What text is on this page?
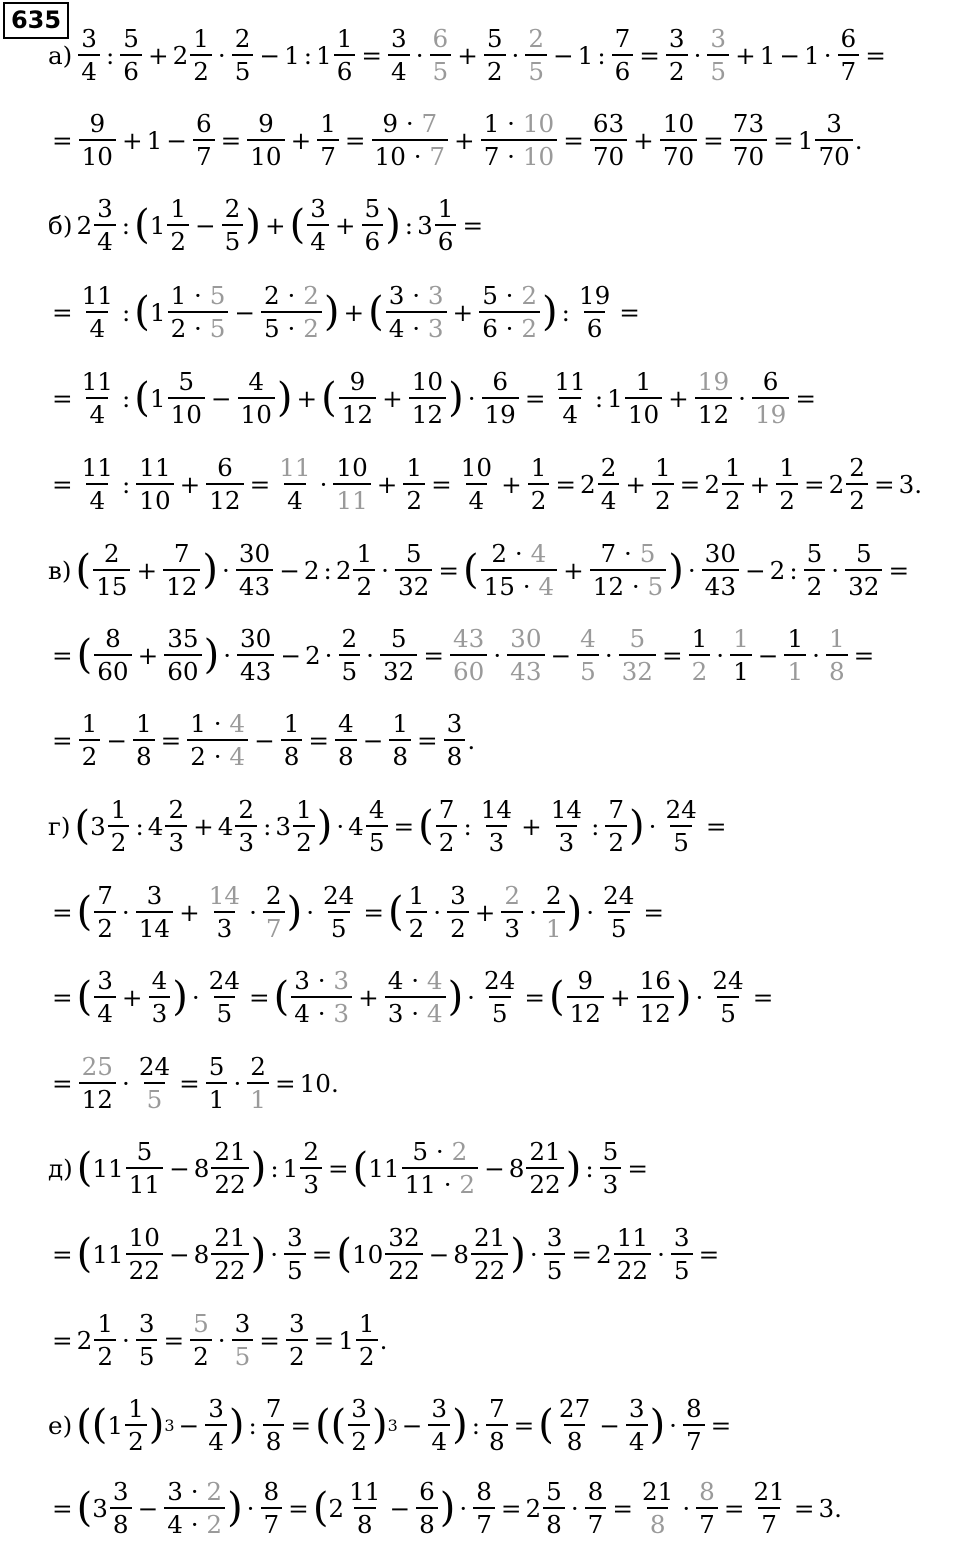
635
$а) \frac{3}{4}$ : $\frac{5}{6} + 2 \frac{1}{2} \cdot \frac{2}{5} - 1$ : $1 \frac{1}{6} = \frac{3}{4} \cdot \frac{6}{5} + \frac{5}{2} \cdot \frac{2}{5} - 1$ : $\frac{7}{6} = \frac{3}{2} \cdot \frac{3}{5} + 1 - 1 \cdot \frac{6}{7}$ =
= $\frac{9}{10} + 1 - \frac{6}{7} = \frac{9}{10} + \frac{1}{7} = \frac{9 \cdot 7}{10 \cdot 7} + \frac{1 \cdot 10}{7 \cdot 10} = \frac{63}{70} + \frac{10}{70} = \frac{73}{70} = 1 \frac{3}{70}$ .
б) $2 \frac{3}{4}$ : ( $1 \frac{1}{2} - \frac{2}{5}$ ) + ( $\frac{3}{4} + \frac{5}{6}$ ) : $3 \frac{1}{6}$ =
= $\frac{11}{4}$ : ( $1 \frac{1 \cdot 5}{2 \cdot 5} - \frac{2 \cdot 2}{5 \cdot 2}$ ) + ( $\frac{3 \cdot 3}{4 \cdot 3} + \frac{5 \cdot 2}{6 \cdot 2}$ ) : $\frac{19}{6}$ =
= $\frac{11}{4}$ : ( $1 \frac{5}{10} - \frac{4}{10}$ ) + ( $\frac{9}{12} + \frac{10}{12}$ ) · $\frac{6}{19} = \frac{11}{4}$ : $1 \frac{1}{10} + \frac{19}{12} \cdot \frac{6}{19}$ =
= $\frac{11}{4}$ : $\frac{11}{10} + \frac{6}{12} = \frac{11}{4} \cdot \frac{10}{11} + \frac{1}{2} = \frac{10}{4} + \frac{1}{2} = 2 \frac{2}{4} + \frac{1}{2} = 2 \frac{1}{2} + \frac{1}{2} = 2 \frac{2}{2} = 3$.
в) ( $\frac{2}{15} + \frac{7}{12}$ ) · $\frac{30}{43} - 2$ : $2 \frac{1}{2} \cdot \frac{5}{32}$ = ( $\frac{2 \cdot 4}{15 \cdot 4} + \frac{7 \cdot 5}{12 \cdot 5}$ ) · $\frac{30}{43} - 2$ : $\frac{5}{2} \cdot \frac{5}{32}$ =
= ( $\frac{8}{60} + \frac{35}{60}$ ) · $\frac{30}{43} - 2 \cdot \frac{2}{5} \cdot \frac{5}{32} = \frac{43}{60} \cdot \frac{30}{43} - \frac{4}{5} \cdot \frac{5}{32} = \frac{1}{2} \cdot \frac{1}{1} - \frac{1}{1} \cdot \frac{1}{8}$ =
= $\frac{1}{2} - \frac{1}{8} = \frac{1 \cdot 4}{2 \cdot 4} - \frac{1}{8} = \frac{4}{8} - \frac{1}{8} = \frac{3}{8}$ .
г) ( $3 \frac{1}{2}$ : $4 \frac{2}{3} + 4 \frac{2}{3}$ : $3 \frac{1}{2}$ ) · $4 \frac{4}{5}$ = ( $\frac{7}{2}$ : $\frac{14}{3} + \frac{14}{3}$ : $\frac{7}{2}$ ) · $\frac{24}{5}$ =
= ( $\frac{7}{2} \cdot \frac{3}{14} + \frac{14}{3} \cdot \frac{2}{7}$ ) · $\frac{24}{5}$ = ( $\frac{1}{2} \cdot \frac{3}{2} + \frac{2}{3} \cdot \frac{2}{1}$ ) · $\frac{24}{5}$ =
= ( $\frac{3}{4} + \frac{4}{3}$ ) · $\frac{24}{5}$ = ( $\frac{3 \cdot 3}{4 \cdot 3} + \frac{4 \cdot 4}{3 \cdot 4}$ ) · $\frac{24}{5}$ = ( $\frac{9}{12} + \frac{16}{12}$ ) · $\frac{24}{5}$ =
= $\frac{25}{12} \cdot \frac{24}{5} = \frac{5}{1} \cdot \frac{2}{1} = 10$.
д) ( $11 \frac{5}{11} - 8 \frac{21}{22}$ ) : $1 \frac{2}{3}$ = ( $11 \frac{5 \cdot 2}{11 \cdot 2} - 8 \frac{21}{22}$ ) : $\frac{5}{3}$ =
= ( $11 \frac{10}{22} - 8 \frac{21}{22}$ ) · $\frac{3}{5}$ = ( $10 \frac{32}{22} - 8 \frac{21}{22}$ ) · $\frac{3}{5} = 2 \frac{11}{22} \cdot \frac{3}{5}$ =
= $2 \frac{1}{2} \cdot \frac{3}{5} = \frac{5}{2} \cdot \frac{3}{5} = \frac{3}{2} = 1 \frac{1}{2}$ .
е) (( $1 \frac{1}{2}$ ) $3 - \frac{3}{4}$ ) : $\frac{7}{8}$ = (( $\frac{3}{2}$ ) $3 - \frac{3}{4}$ ) : $\frac{7}{8}$ = ( $\frac{27}{8} - \frac{3}{4}$ ) · $\frac{8}{7}$ =
= ( $3 \frac{3}{8} - \frac{3 \cdot 2}{4 \cdot 2}$ ) · $\frac{8}{7}$ = ( $2 \frac{11}{8} - \frac{6}{8}$ ) · $\frac{8}{7} = 2 \frac{5}{8} \cdot \frac{8}{7} = \frac{21}{8} \cdot \frac{8}{7} = \frac{21}{7} = 3$.
